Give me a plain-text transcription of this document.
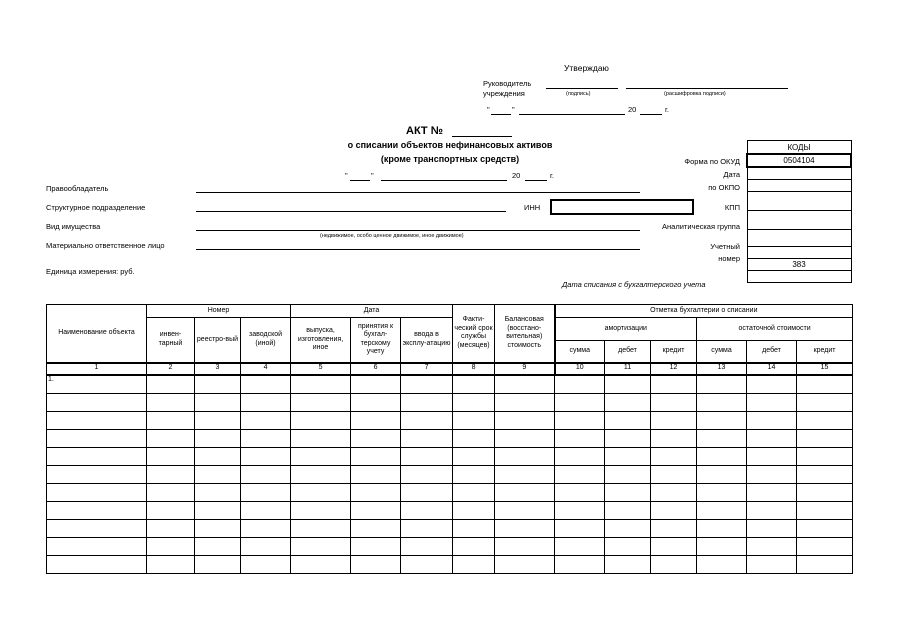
Утверждаю
Руководитель
учреждения	(подпись)	(расшифровка подписи)
"	"	20	г.
АКТ №
о списании объектов нефинансовых активов
(кроме транспортных средств)
"	"	20	г.
Правообладатель
Структурное подразделение	ИНН
Вид имущества
(недвижимое, особо ценное движимое, иное движимое)
Материально ответственное лицо
Единица измерения: руб.
Дата списания с бухгалтерского учета
Форма по ОКУД
Дата
по ОКПО
КПП
Аналитическая группа
Учетный
номер
КОДЫ
0504104

383

Наименование объекта	Номер			Дата			Факти-ческий срок службы (месяцев)	Балансовая (восстано-вительная) стоимость	Отметка бухгалтерии о списании					
	инвен-тарный	реестро-вый	заводской (иной)	выпуска, изготовления, иное	принятия к бухгал-терскому учету	ввода в эксплу-атацию			амортизации			остаточной стоимости		
									сумма	дебет	кредит	сумма	дебет	кредит
1	2	3	4	5	6	7	8	9	10	11	12	13	14	15
1.														
